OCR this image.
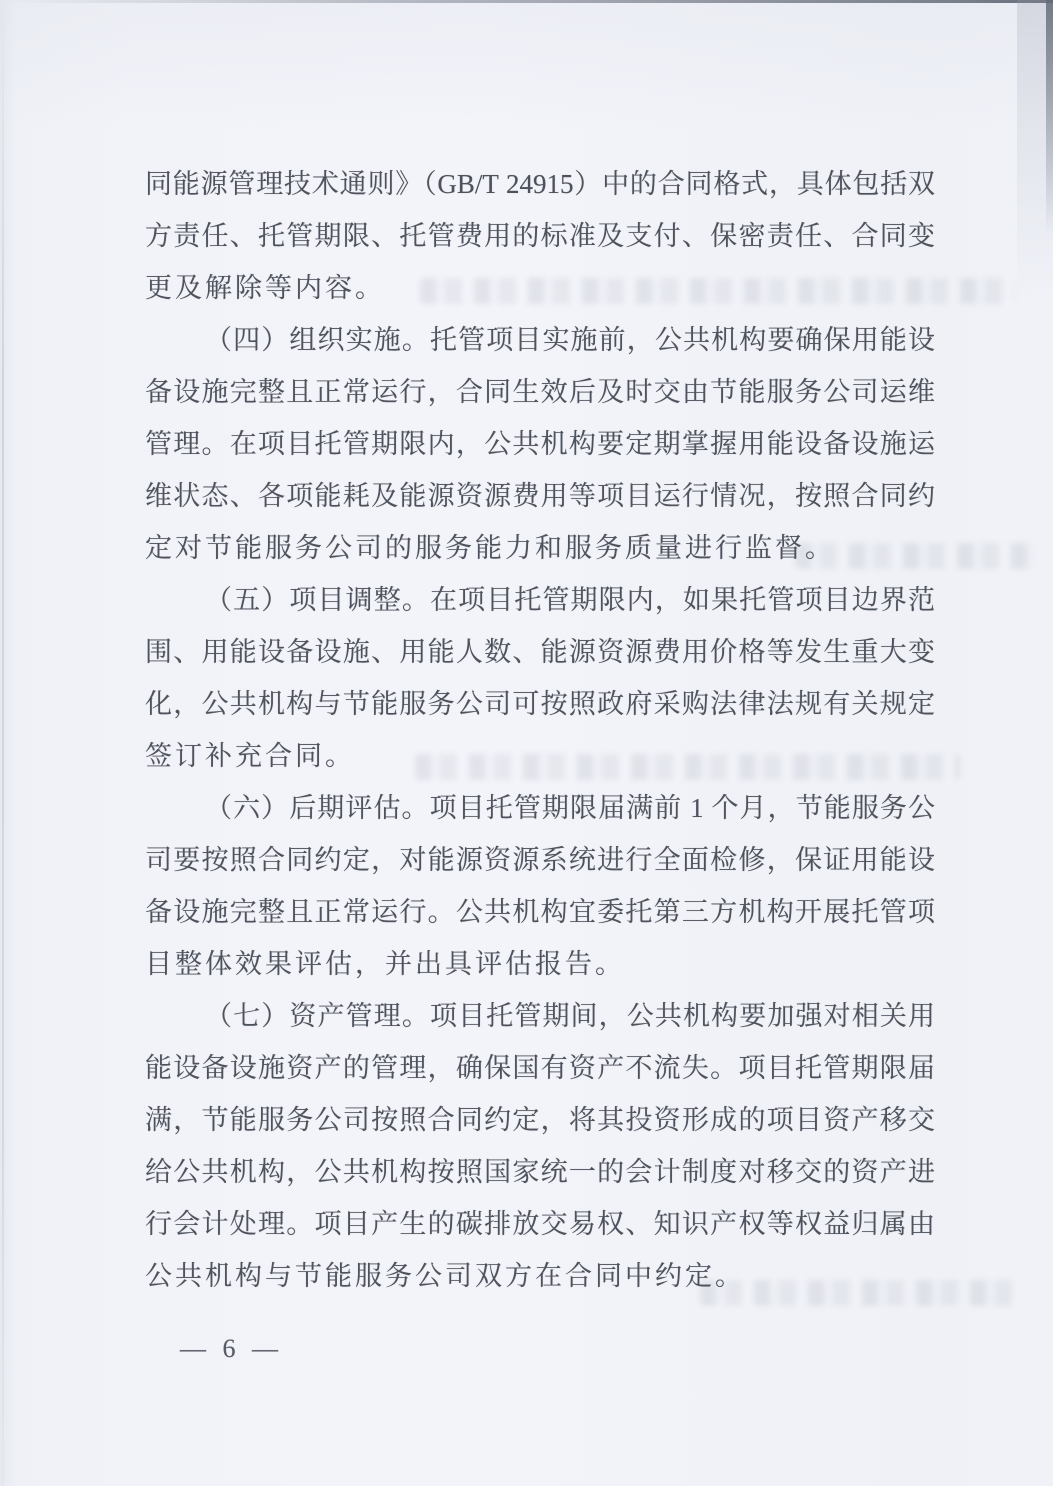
同能源管理技术通则》（GB/T 24915）中的合同格式，具体包括双
方责任、托管期限、托管费用的标准及支付、保密责任、合同变
更及解除等内容。
（四）组织实施。托管项目实施前，公共机构要确保用能设
备设施完整且正常运行，合同生效后及时交由节能服务公司运维
管理。在项目托管期限内，公共机构要定期掌握用能设备设施运
维状态、各项能耗及能源资源费用等项目运行情况，按照合同约
定对节能服务公司的服务能力和服务质量进行监督。
（五）项目调整。在项目托管期限内，如果托管项目边界范
围、用能设备设施、用能人数、能源资源费用价格等发生重大变
化，公共机构与节能服务公司可按照政府采购法律法规有关规定
签订补充合同。
（六）后期评估。项目托管期限届满前 1 个月，节能服务公
司要按照合同约定，对能源资源系统进行全面检修，保证用能设
备设施完整且正常运行。公共机构宜委托第三方机构开展托管项
目整体效果评估，并出具评估报告。
（七）资产管理。项目托管期间，公共机构要加强对相关用
能设备设施资产的管理，确保国有资产不流失。项目托管期限届
满，节能服务公司按照合同约定，将其投资形成的项目资产移交
给公共机构，公共机构按照国家统一的会计制度对移交的资产进
行会计处理。项目产生的碳排放交易权、知识产权等权益归属由
公共机构与节能服务公司双方在合同中约定。
— 6 —
